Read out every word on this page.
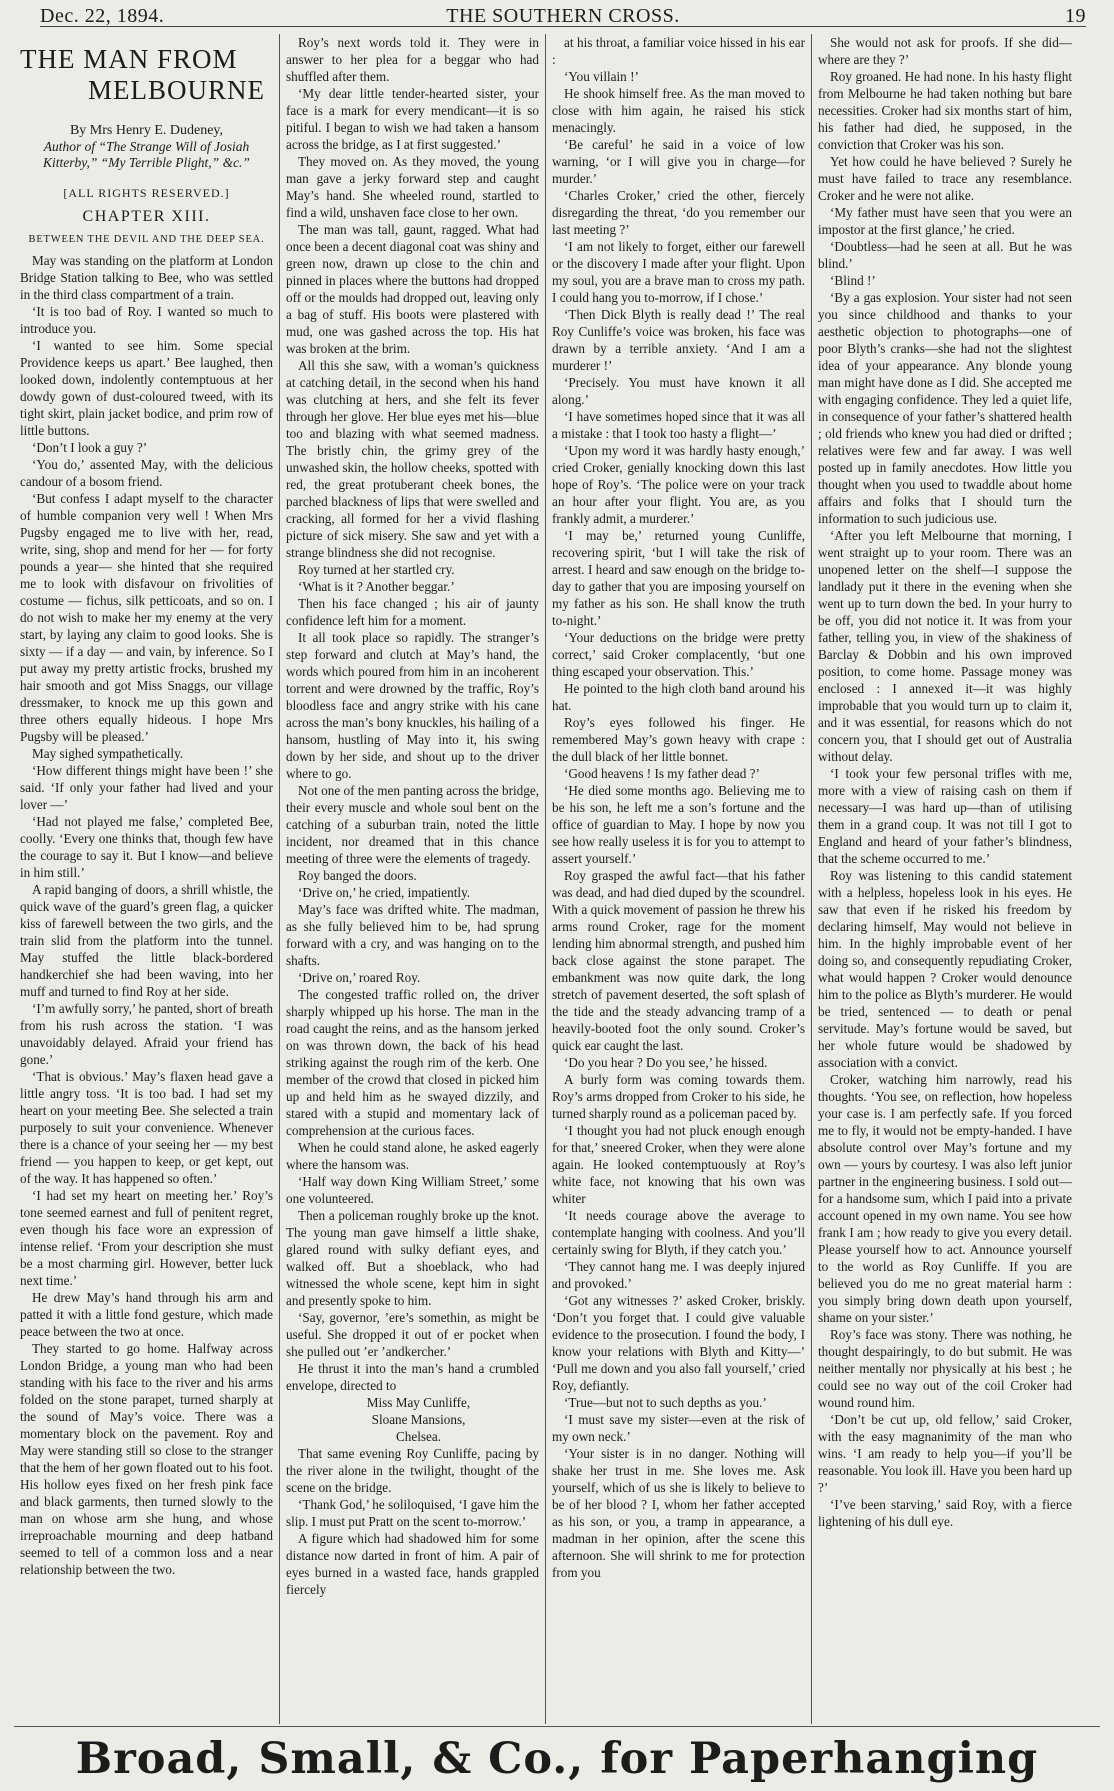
Dec. 22, 1894.	THE SOUTHERN CROSS.	19
THE MAN FROM
MELBOURNE
By Mrs Henry E. Dudeney,
Author of “The Strange Will of Josiah Kitterby,” “My Terrible Plight,” &c.”
[ALL RIGHTS RESERVED.]
CHAPTER XIII.
BETWEEN THE DEVIL AND THE DEEP SEA.

May was standing on the platform at London Bridge Station talking to Bee, who was settled in the third class compartment of a train.

‘It is too bad of Roy. I wanted so much to introduce you.

‘I wanted to see him. Some special Providence keeps us apart.’ Bee laughed, then looked down, indolently contemptuous at her dowdy gown of dust-coloured tweed, with its tight skirt, plain jacket bodice, and prim row of little buttons.

‘Don’t I look a guy ?’

‘You do,’ assented May, with the delicious candour of a bosom friend.

‘But confess I adapt myself to the character of humble companion very well ! When Mrs Pugsby engaged me to live with her, read, write, sing, shop and mend for her — for forty pounds a year— she hinted that she required me to look with disfavour on frivolities of costume — fichus, silk petticoats, and so on. I do not wish to make her my enemy at the very start, by laying any claim to good looks. She is sixty — if a day — and vain, by inference. So I put away my pretty artistic frocks, brushed my hair smooth and got Miss Snaggs, our village dressmaker, to knock me up this gown and three others equally hideous. I hope Mrs Pugsby will be pleased.’

May sighed sympathetically.

‘How different things might have been !’ she said. ‘If only your father had lived and your lover —’

‘Had not played me false,’ completed Bee, coolly. ‘Every one thinks that, though few have the courage to say it. But I know—and believe in him still.’

A rapid banging of doors, a shrill whistle, the quick wave of the guard’s green flag, a quicker kiss of farewell between the two girls, and the train slid from the platform into the tunnel. May stuffed the little black-bordered handkerchief she had been waving, into her muff and turned to find Roy at her side.

‘I’m awfully sorry,’ he panted, short of breath from his rush across the station. ‘I was unavoidably delayed. Afraid your friend has gone.’

‘That is obvious.’ May’s flaxen head gave a little angry toss. ‘It is too bad. I had set my heart on your meeting Bee. She selected a train purposely to suit your convenience. Whenever there is a chance of your seeing her — my best friend — you happen to keep, or get kept, out of the way. It has happened so often.’

‘I had set my heart on meeting her.’ Roy’s tone seemed earnest and full of penitent regret, even though his face wore an expression of intense relief. ‘From your description she must be a most charming girl. However, better luck next time.’

He drew May’s hand through his arm and patted it with a little fond gesture, which made peace between the two at once.

They started to go home. Halfway across London Bridge, a young man who had been standing with his face to the river and his arms folded on the stone parapet, turned sharply at the sound of May’s voice. There was a momentary block on the pavement. Roy and May were standing still so close to the stranger that the hem of her gown floated out to his foot. His hollow eyes fixed on her fresh pink face and black garments, then turned slowly to the man on whose arm she hung, and whose irreproachable mourning and deep hatband seemed to tell of a common loss and a near relationship between the two.

Roy’s next words told it. They were in answer to her plea for a beggar who had shuffled after them.

‘My dear little tender-hearted sister, your face is a mark for every mendicant—it is so pitiful. I began to wish we had taken a hansom across the bridge, as I at first suggested.’

They moved on. As they moved, the young man gave a jerky forward step and caught May’s hand. She wheeled round, startled to find a wild, unshaven face close to her own.

The man was tall, gaunt, ragged. What had once been a decent diagonal coat was shiny and green now, drawn up close to the chin and pinned in places where the buttons had dropped off or the moulds had dropped out, leaving only a bag of stuff. His boots were plastered with mud, one was gashed across the top. His hat was broken at the brim.

All this she saw, with a woman’s quickness at catching detail, in the second when his hand was clutching at hers, and she felt its fever through her glove. Her blue eyes met his—blue too and blazing with what seemed madness. The bristly chin, the grimy grey of the unwashed skin, the hollow cheeks, spotted with red, the great protuberant cheek bones, the parched blackness of lips that were swelled and cracking, all formed for her a vivid flashing picture of sick misery. She saw and yet with a strange blindness she did not recognise.

Roy turned at her startled cry.

‘What is it ? Another beggar.’

Then his face changed ; his air of jaunty confidence left him for a moment.

It all took place so rapidly. The stranger’s step forward and clutch at May’s hand, the words which poured from him in an incoherent torrent and were drowned by the traffic, Roy’s bloodless face and angry strike with his cane across the man’s bony knuckles, his hailing of a hansom, hustling of May into it, his swing down by her side, and shout up to the driver where to go.

Not one of the men panting across the bridge, their every muscle and whole soul bent on the catching of a suburban train, noted the little incident, nor dreamed that in this chance meeting of three were the elements of tragedy.

Roy banged the doors.

‘Drive on,’ he cried, impatiently.

May’s face was drifted white. The madman, as she fully believed him to be, had sprung forward with a cry, and was hanging on to the shafts.

‘Drive on,’ roared Roy.

The congested traffic rolled on, the driver sharply whipped up his horse. The man in the road caught the reins, and as the hansom jerked on was thrown down, the back of his head striking against the rough rim of the kerb. One member of the crowd that closed in picked him up and held him as he swayed dizzily, and stared with a stupid and momentary lack of comprehension at the curious faces.

When he could stand alone, he asked eagerly where the hansom was.

‘Half way down King William Street,’ some one volunteered.

Then a policeman roughly broke up the knot. The young man gave himself a little shake, glared round with sulky defiant eyes, and walked off. But a shoeblack, who had witnessed the whole scene, kept him in sight and presently spoke to him.

‘Say, governor, ’ere’s somethin, as might be useful. She dropped it out of er pocket when she pulled out ’er ’andkercher.’

He thrust it into the man’s hand a crumbled envelope, directed to

Miss May Cunliffe,

Sloane Mansions,

Chelsea.

That same evening Roy Cunliffe, pacing by the river alone in the twilight, thought of the scene on the bridge.

‘Thank God,’ he soliloquised, ‘I gave him the slip. I must put Pratt on the scent to-morrow.’

A figure which had shadowed him for some distance now darted in front of him. A pair of eyes burned in a wasted face, hands grappled fiercely

at his throat, a familiar voice hissed in his ear :

‘You villain !’

He shook himself free. As the man moved to close with him again, he raised his stick menacingly.

‘Be careful’ he said in a voice of low warning, ‘or I will give you in charge—for murder.’

‘Charles Croker,’ cried the other, fiercely disregarding the threat, ‘do you remember our last meeting ?’

‘I am not likely to forget, either our farewell or the discovery I made after your flight. Upon my soul, you are a brave man to cross my path. I could hang you to-morrow, if I chose.’

‘Then Dick Blyth is really dead !’ The real Roy Cunliffe’s voice was broken, his face was drawn by a terrible anxiety. ‘And I am a murderer !’

‘Precisely. You must have known it all along.’

‘I have sometimes hoped since that it was all a mistake : that I took too hasty a flight—’

‘Upon my word it was hardly hasty enough,’ cried Croker, genially knocking down this last hope of Roy’s. ‘The police were on your track an hour after your flight. You are, as you frankly admit, a murderer.’

‘I may be,’ returned young Cunliffe, recovering spirit, ‘but I will take the risk of arrest. I heard and saw enough on the bridge to-day to gather that you are imposing yourself on my father as his son. He shall know the truth to-night.’

‘Your deductions on the bridge were pretty correct,’ said Croker complacently, ‘but one thing escaped your observation. This.’

He pointed to the high cloth band around his hat.

Roy’s eyes followed his finger. He remembered May’s gown heavy with crape : the dull black of her little bonnet.

‘Good heavens ! Is my father dead ?’

‘He died some months ago. Believing me to be his son, he left me a son’s fortune and the office of guardian to May. I hope by now you see how really useless it is for you to attempt to assert yourself.’

Roy grasped the awful fact—that his father was dead, and had died duped by the scoundrel. With a quick movement of passion he threw his arms round Croker, rage for the moment lending him abnormal strength, and pushed him back close against the stone parapet. The embankment was now quite dark, the long stretch of pavement deserted, the soft splash of the tide and the steady advancing tramp of a heavily-booted foot the only sound. Croker’s quick ear caught the last.

‘Do you hear ? Do you see,’ he hissed.

A burly form was coming towards them. Roy’s arms dropped from Croker to his side, he turned sharply round as a policeman paced by.

‘I thought you had not pluck enough enough for that,’ sneered Croker, when they were alone again. He looked contemptuously at Roy’s white face, not knowing that his own was whiter

‘It needs courage above the average to contemplate hanging with coolness. And you’ll certainly swing for Blyth, if they catch you.’

‘They cannot hang me. I was deeply injured and provoked.’

‘Got any witnesses ?’ asked Croker, briskly. ‘Don’t you forget that. I could give valuable evidence to the prosecution. I found the body, I know your relations with Blyth and Kitty—’ ‘Pull me down and you also fall yourself,’ cried Roy, defiantly.

‘True—but not to such depths as you.’

‘I must save my sister—even at the risk of my own neck.’

‘Your sister is in no danger. Nothing will shake her trust in me. She loves me. Ask yourself, which of us she is likely to believe to be of her blood ? I, whom her father accepted as his son, or you, a tramp in appearance, a madman in her opinion, after the scene this afternoon. She will shrink to me for protection from you

She would not ask for proofs. If she did—where are they ?’

Roy groaned. He had none. In his hasty flight from Melbourne he had taken nothing but bare necessities. Croker had six months start of him, his father had died, he supposed, in the conviction that Croker was his son.

Yet how could he have believed ? Surely he must have failed to trace any resemblance. Croker and he were not alike.

‘My father must have seen that you were an impostor at the first glance,’ he cried.

‘Doubtless—had he seen at all. But he was blind.’

‘Blind !’

‘By a gas explosion. Your sister had not seen you since childhood and thanks to your aesthetic objection to photographs—one of poor Blyth’s cranks—she had not the slightest idea of your appearance. Any blonde young man might have done as I did. She accepted me with engaging confidence. They led a quiet life, in consequence of your father’s shattered health ; old friends who knew you had died or drifted ; relatives were few and far away. I was well posted up in family anecdotes. How little you thought when you used to twaddle about home affairs and folks that I should turn the information to such judicious use.

‘After you left Melbourne that morning, I went straight up to your room. There was an unopened letter on the shelf—I suppose the landlady put it there in the evening when she went up to turn down the bed. In your hurry to be off, you did not notice it. It was from your father, telling you, in view of the shakiness of Barclay & Dobbin and his own improved position, to come home. Passage money was enclosed : I annexed it—it was highly improbable that you would turn up to claim it, and it was essential, for reasons which do not concern you, that I should get out of Australia without delay.

‘I took your few personal trifles with me, more with a view of raising cash on them if necessary—I was hard up—than of utilising them in a grand coup. It was not till I got to England and heard of your father’s blindness, that the scheme occurred to me.’

Roy was listening to this candid statement with a helpless, hopeless look in his eyes. He saw that even if he risked his freedom by declaring himself, May would not believe in him. In the highly improbable event of her doing so, and consequently repudiating Croker, what would happen ? Croker would denounce him to the police as Blyth’s murderer. He would be tried, sentenced — to death or penal servitude. May’s fortune would be saved, but her whole future would be shadowed by association with a convict.

Croker, watching him narrowly, read his thoughts. ‘You see, on reflection, how hopeless your case is. I am perfectly safe. If you forced me to fly, it would not be empty-handed. I have absolute control over May’s fortune and my own — yours by courtesy. I was also left junior partner in the engineering business. I sold out—for a handsome sum, which I paid into a private account opened in my own name. You see how frank I am ; how ready to give you every detail. Please yourself how to act. Announce yourself to the world as Roy Cunliffe. If you are believed you do me no great material harm : you simply bring down death upon yourself, shame on your sister.’

Roy’s face was stony. There was nothing, he thought despairingly, to do but submit. He was neither mentally nor physically at his best ; he could see no way out of the coil Croker had wound round him.

‘Don’t be cut up, old fellow,’ said Croker, with the easy magnanimity of the man who wins. ‘I am ready to help you—if you’ll be reasonable. You look ill. Have you been hard up ?’

‘I’ve been starving,’ said Roy, with a fierce lightening of his dull eye.

Broad, Small, & Co., for Paperhanging
